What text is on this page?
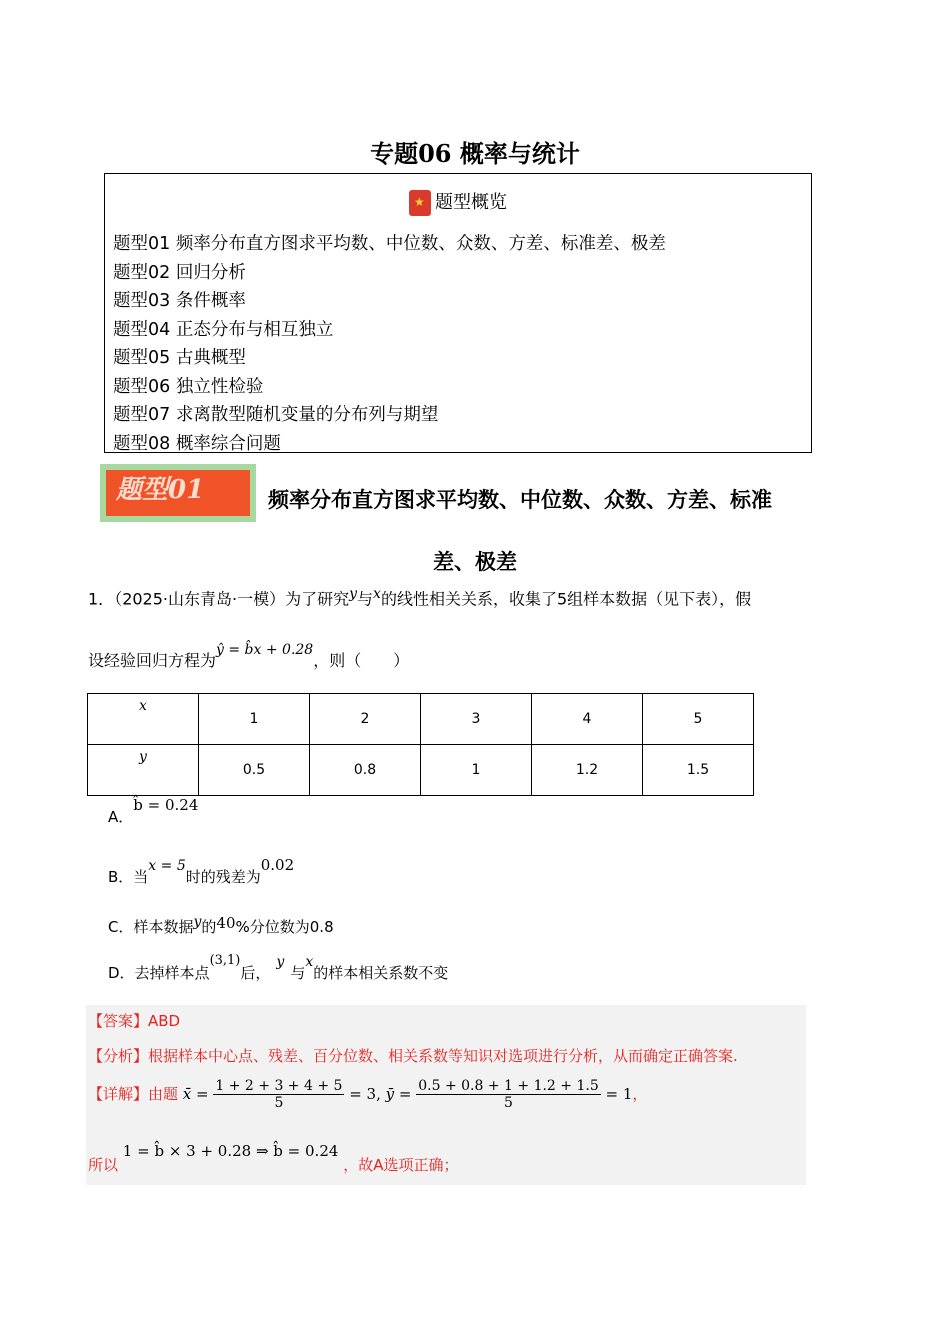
专题06 概率与统计
★题型概览
题型01 频率分布直方图求平均数、中位数、众数、方差、标准差、极差
题型02 回归分析
题型03 条件概率
题型04 正态分布与相互独立
题型05 古典概型
题型06 独立性检验
题型07 求离散型随机变量的分布列与期望
题型08 概率综合问题
题型01	频率分布直方图求平均数、中位数、众数、方差、标准
差、极差
1．（2025·山东青岛·一模）为了研究$^y$与$^x$的线性相关关系，收集了5组样本数据（见下表），假
设经验回归方程为ŷ = b̂x + 0.28，则（　　）
x	1	2	3	4	5
y	0.5	0.8	1	1.2	1.5
A．b̂ = 0.24
B．当x = 5时的残差为0.02
C．样本数据$^y$的40%分位数为0.8
D．去掉样本点(3,1)后，y与x的样本相关系数不变
【答案】ABD
【分析】根据样本中心点、残差、百分位数、相关系数等知识对选项进行分析，从而确定正确答案.
【详解】由题 x̄ = $\frac{1 + 2 + 3 + 4 + 5}{5} = 3$, ȳ = $\frac{0.5 + 0.8 + 1 + 1.2 + 1.5}{5} = 1$，
所以 1 = b̂ × 3 + 0.28 ⇒ b̂ = 0.24 ，故A选项正确；
